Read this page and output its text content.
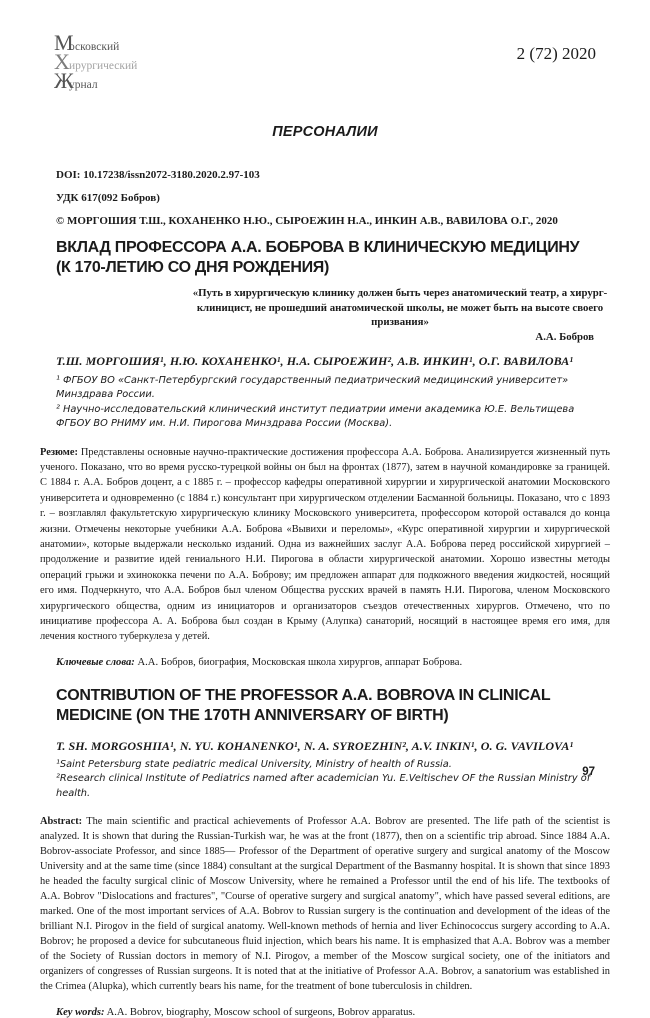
Московский
Хирургический
Журнал
2 (72) 2020
ПЕРСОНАЛИИ
DOI: 10.17238/issn2072-3180.2020.2.97-103
УДК 617(092 Бобров)
© МОРГОШИЯ Т.Ш., КОХАНЕНКО Н.Ю., СЫРОЕЖИН Н.А., ИНКИН А.В., ВАВИЛОВА О.Г., 2020
ВКЛАД ПРОФЕССОРА А.А. БОБРОВА В КЛИНИЧЕСКУЮ МЕДИЦИНУ (К 170-ЛЕТИЮ СО ДНЯ РОЖДЕНИЯ)
«Путь в хирургическую клинику должен быть через анатомический театр, а хирург-клиницист, не прошедший анатомической школы, не может быть на высоте своего призвания»
А.А. Бобров
Т.Ш. МОРГОШИЯ¹, Н.Ю. КОХАНЕНКО¹, Н.А. СЫРОЕЖИН², А.В. ИНКИН¹, О.Г. ВАВИЛОВА¹
¹ ФГБОУ ВО «Санкт-Петербургский государственный педиатрический медицинский университет» Минздрава России.
² Научно-исследовательский клинический институт педиатрии имени академика Ю.Е. Вельтищева ФГБОУ ВО РНИМУ им. Н.И. Пирогова Минздрава России (Москва).

Резюме: Представлены основные научно-практические достижения профессора А.А. Боброва. Анализируется жизненный путь ученого. Показано, что во время русско-турецкой войны он был на фронтах (1877), затем в научной командировке за границей. С 1884 г. А.А. Бобров доцент, а с 1885 г. – профессор кафедры оперативной хирургии и хирургической анатомии Московского университета и одновременно (с 1884 г.) консультант при хирургическом отделении Басманной больницы. Показано, что с 1893 г. – возглавлял факультетскую хирургическую клинику Московского университета, профессором которой оставался до конца жизни. Отмечены некоторые учебники А.А. Боброва «Вывихи и переломы», «Курс оперативной хирургии и хирургической анатомии», которые выдержали несколько изданий. Одна из важнейших заслуг А.А. Боброва перед российской хирургией – продолжение и развитие идей гениального Н.И. Пирогова в области хирургической анатомии. Хорошо известны методы операций грыжи и эхинококка печени по А.А. Боброву; им предложен аппарат для подкожного введения жидкостей, носящий его имя. Подчеркнуто, что А.А. Бобров был членом Общества русских врачей в память Н.И. Пирогова, членом Московского хирургического общества, одним из инициаторов и организаторов съездов отечественных хирургов. Отмечено, что по инициативе профессора А. А. Боброва был создан в Крыму (Алупка) санаторий, носящий в настоящее время его имя, для лечения костного туберкулеза у детей.

Ключевые слова: А.А. Бобров, биография, Московская школа хирургов, аппарат Боброва.
CONTRIBUTION OF THE PROFESSOR A.A. BOBROVA IN CLINICAL MEDICINE (ON THE 170TH ANNIVERSARY OF BIRTH)
T. SH. MORGOSHIIA¹, N. YU. KOHANENKO¹, N. A. SYROEZHIN², A.V. INKIN¹, O. G. VAVILOVA¹
¹Saint Petersburg state pediatric medical University, Ministry of health of Russia.
²Research clinical Institute of Pediatrics named after academician Yu. E.Veltischev OF the Russian Ministry of health.

Abstract: The main scientific and practical achievements of Professor A.A. Bobrov are presented. The life path of the scientist is analyzed. It is shown that during the Russian-Turkish war, he was at the front (1877), then on a scientific trip abroad. Since 1884 A.A. Bobrov-associate Professor, and since 1885— Professor of the Department of operative surgery and surgical anatomy of the Moscow University and at the same time (since 1884) consultant at the surgical Department of the Basmanny hospital. It is shown that since 1893 he headed the faculty surgical clinic of Moscow University, where he remained a Professor until the end of his life. The textbooks of A.A. Bobrov "Dislocations and fractures", "Course of operative surgery and surgical anatomy", which have passed several editions, are marked. One of the most important services of A.A. Bobrov to Russian surgery is the continuation and development of the ideas of the brilliant N.I. Pirogov in the field of surgical anatomy. Well-known methods of hernia and liver Echinococcus surgery according to A.A. Bobrov; he proposed a device for subcutaneous fluid injection, which bears his name. It is emphasized that A.A. Bobrov was a member of the Society of Russian doctors in memory of N.I. Pirogov, a member of the Moscow surgical society, one of the initiators and organizers of congresses of Russian surgeons. It is noted that at the initiative of Professor A.A. Bobrov, a sanatorium was established in the Crimea (Alupka), which currently bears his name, for the treatment of bone tuberculosis in children.

Key words: A.A. Bobrov, biography, Moscow school of surgeons, Bobrov apparatus.
97
